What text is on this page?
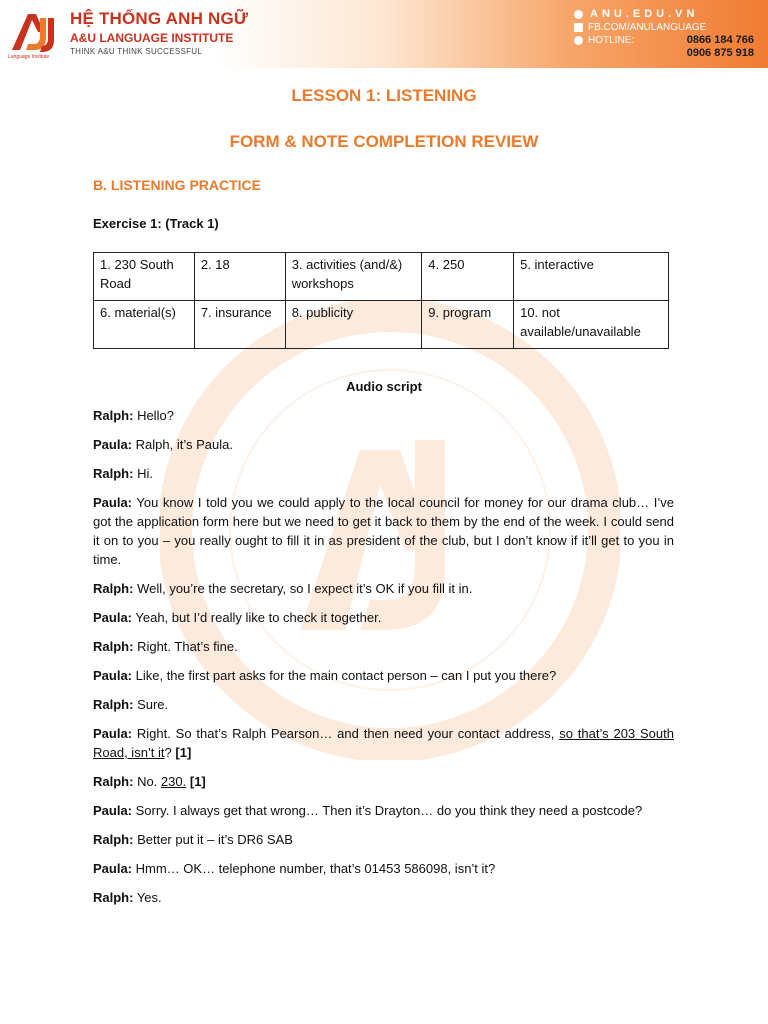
Language Institute
HỆ THỐNG ANH NGỮ
A&U LANGUAGE INSTITUTE
THINK A&U THINK SUCCESSFUL
ANU.EDU.VN
FB.COM/ANULANGUAGE
HOTLINE:	0866 184 766
0906 875 918
LESSON 1: LISTENING
FORM & NOTE COMPLETION REVIEW
B. LISTENING PRACTICE
Exercise 1: (Track 1)
1. 230 South Road	2. 18	3. activities (and/&) workshops	4. 250	5. interactive
6. material(s)	7. insurance	8. publicity	9. program	10. not available/unavailable
Audio script

Ralph: Hello?

Paula: Ralph, it’s Paula.

Ralph: Hi.

Paula: You know I told you we could apply to the local council for money for our drama club… I’ve got the application form here but we need to get it back to them by the end of the week. I could send it on to you – you really ought to fill it in as president of the club, but I don’t know if it’ll get to you in time.

Ralph: Well, you’re the secretary, so I expect it’s OK if you fill it in.

Paula: Yeah, but I’d really like to check it together.

Ralph: Right. That’s fine.

Paula: Like, the first part asks for the main contact person – can I put you there?

Ralph: Sure.

Paula: Right. So that’s Ralph Pearson… and then need your contact address, so that’s 203 South Road, isn’t it? [1]

Ralph: No. 230. [1]

Paula: Sorry. I always get that wrong… Then it’s Drayton… do you think they need a postcode?

Ralph: Better put it – it’s DR6 SAB

Paula: Hmm… OK… telephone number, that’s 01453 586098, isn’t it?

Ralph: Yes.
